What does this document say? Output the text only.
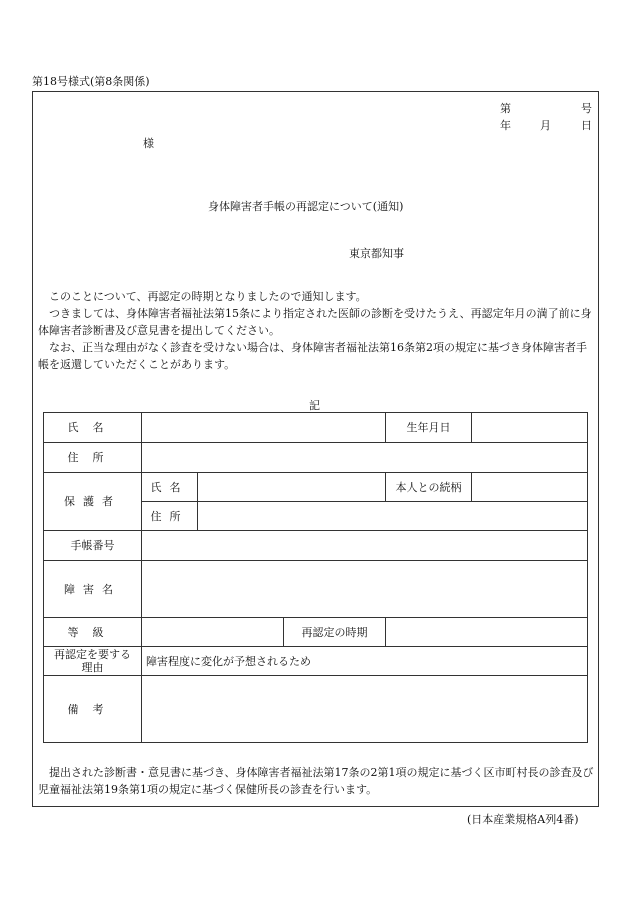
第18号様式(第8条関係)
第	号
年	月	日
様
身体障害者手帳の再認定について(通知)
東京都知事
このことについて、再認定の時期となりましたので通知します。
つきましては、身体障害者福祉法第15条により指定された医師の診断を受けたうえ、再認定年月の満了前に身体障害者診断書及び意見書を提出してください。
なお、正当な理由がなく診査を受けない場合は、身体障害者福祉法第16条第2項の規定に基づき身体障害者手帳を返還していただくことがあります。
記
氏名				生年月日	
住所					
保護者	氏名			本人との続柄	
	住所				
手帳番号					
障害名					
等級			再認定の時期		

再認定を要する
理由	障害程度に変化が予想されるため				
備考					
提出された診断書・意見書に基づき、身体障害者福祉法第17条の2第1項の規定に基づく区市町村長の診査及び児童福祉法第19条第1項の規定に基づく保健所長の診査を行います。
(日本産業規格A列4番)
